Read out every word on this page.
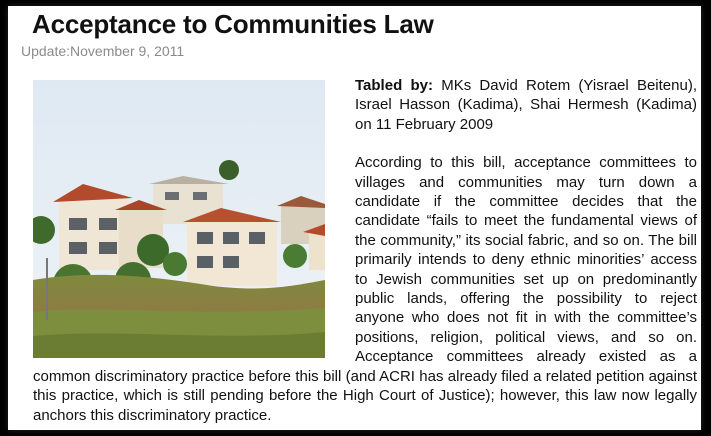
Acceptance to Communities Law
Update:November 9, 2011

Tabled by: MKs David Rotem (Yisrael Beitenu), Israel Hasson (Kadima), Shai Hermesh (Kadima) on 11 February 2009

According to this bill, acceptance committees to villages and communities may turn down a candidate if the committee decides that the candidate “fails to meet the fundamental views of the community,” its social fabric, and so on. The bill primarily intends to deny ethnic minorities’ access to Jewish communities set up on predominantly public lands, offering the possibility to reject anyone who does not fit in with the committee’s positions, religion, political views, and so on. Acceptance committees already existed as a common discriminatory practice before this bill (and ACRI has already filed a related petition against this practice, which is still pending before the High Court of Justice); however, this law now legally anchors this discriminatory practice.
